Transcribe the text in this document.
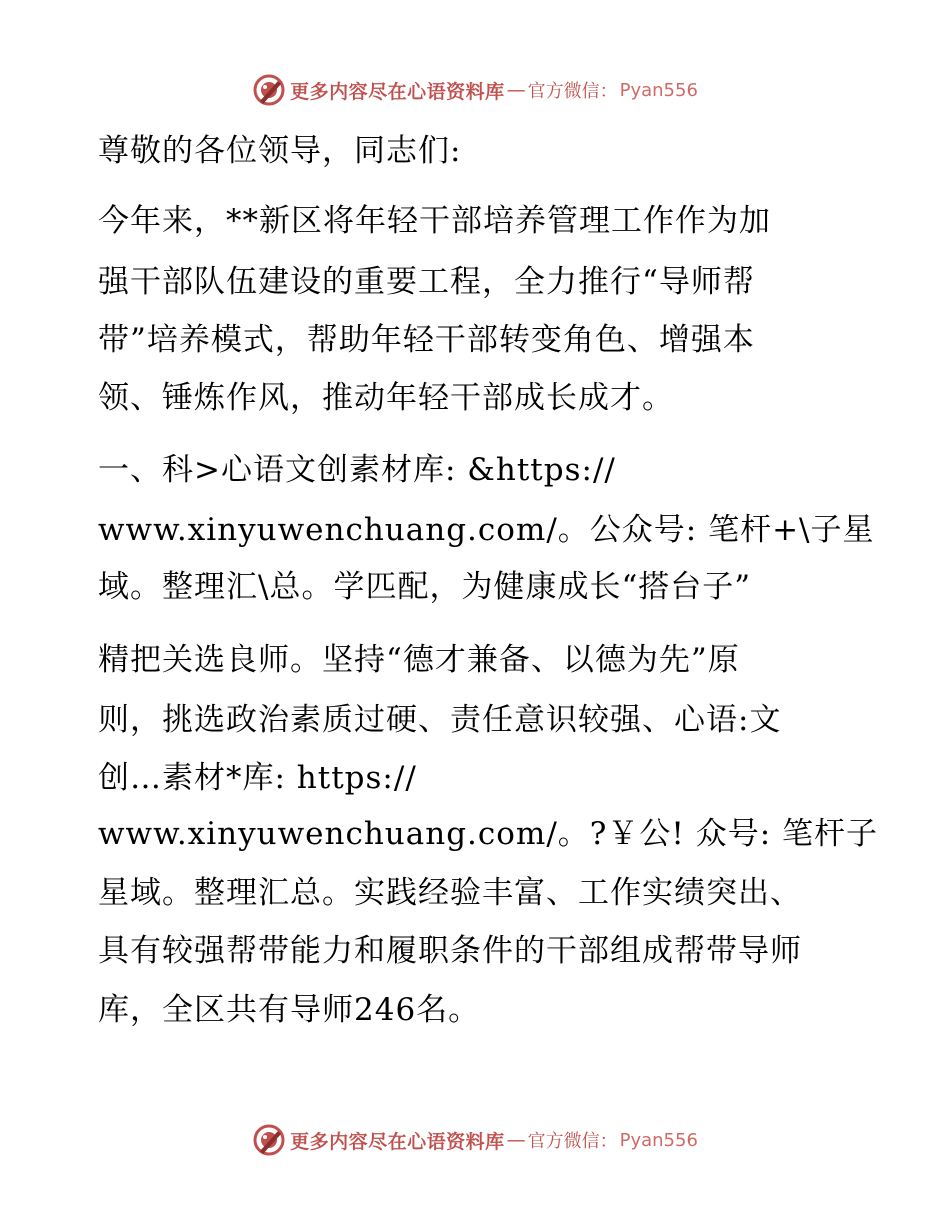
更多内容尽在心语资料库 — 官方微信： Pyan556
尊敬的各位领导，同志们:
今年来，**新区将年轻干部培养管理工作作为加
强干部队伍建设的重要工程，全力推行“导师帮
带”培养模式，帮助年轻干部转变角色、增强本
领、锤炼作风，推动年轻干部成长成才。
一、科>心语文创素材库: &https://
www.xinyuwenchuang.com/。公众号: 笔杆+\子星
域。整理汇\总。学匹配，为健康成长“搭台子”
精把关选良师。坚持“德才兼备、以德为先”原
则，挑选政治素质过硬、责任意识较强、心语:文
创…素材*库: https://
www.xinyuwenchuang.com/。?￥公! 众号: 笔杆子
星域。整理汇总。实践经验丰富、工作实绩突出、
具有较强帮带能力和履职条件的干部组成帮带导师
库，全区共有导师246名。
更多内容尽在心语资料库 — 官方微信： Pyan556
